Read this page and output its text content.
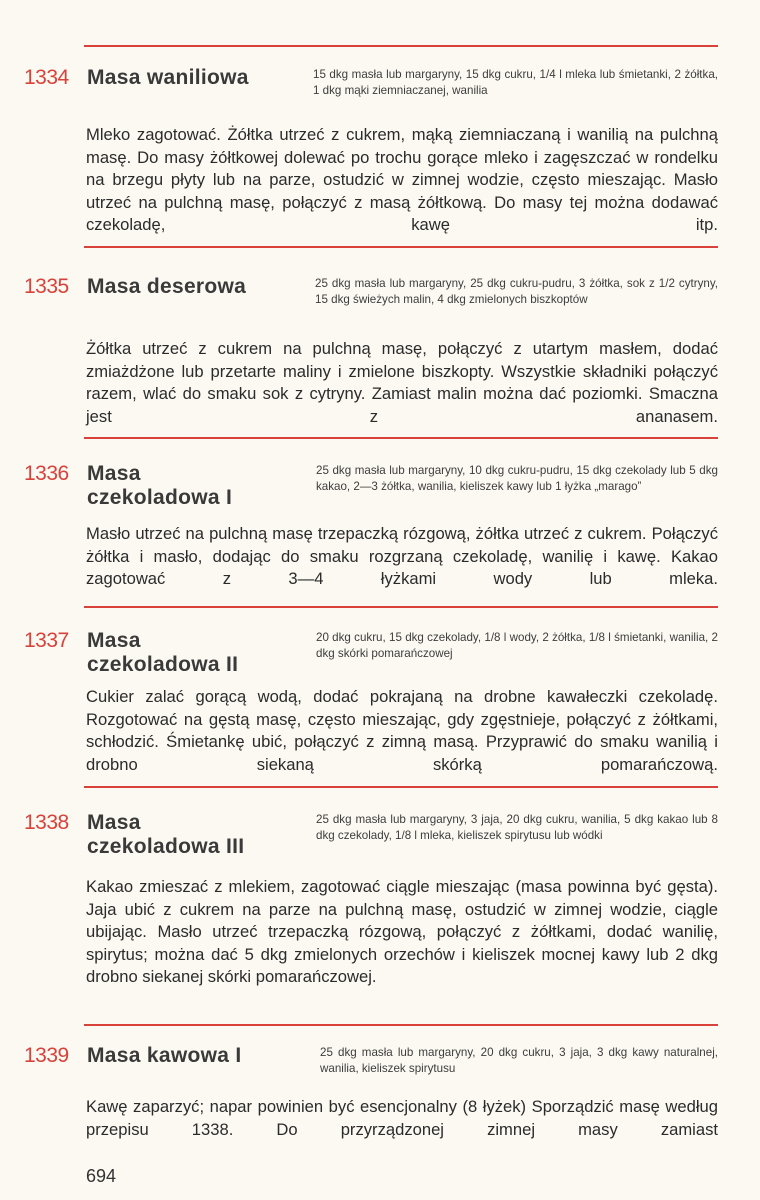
1334 Masa waniliowa	15 dkg masła lub margaryny, 15 dkg cukru, 1/4 l mleka lub śmietanki, 2 żółtka, 1 dkg mąki ziemniaczanej, wanilia
Mleko zagotować. Żółtka utrzeć z cukrem, mąką ziemniaczaną i wanilią na pulchną masę. Do masy żółtkowej dolewać po trochu gorące mleko i zagęszczać w rondelku na brzegu płyty lub na parze, ostudzić w zimnej wodzie, często mieszając. Masło utrzeć na pulchną masę, połączyć z masą żółtkową. Do masy tej można dodawać czekoladę, kawę itp.
1335 Masa deserowa	25 dkg masła lub margaryny, 25 dkg cukru-pudru, 3 żółtka, sok z 1/2 cytryny, 15 dkg świeżych malin, 4 dkg zmielonych biszkoptów
Żółtka utrzeć z cukrem na pulchną masę, połączyć z utartym masłem, dodać zmiażdżone lub przetarte maliny i zmielone biszkopty. Wszystkie składniki połączyć razem, wlać do smaku sok z cytryny. Zamiast malin można dać poziomki. Smaczna jest z ananasem.
1336 Masa
czekoladowa I
25 dkg masła lub margaryny, 10 dkg cukru-pudru, 15 dkg czekolady lub 5 dkg kakao, 2—3 żółtka, wanilia, kieliszek kawy lub 1 łyżka „marago”
Masło utrzeć na pulchną masę trzepaczką rózgową, żółtka utrzeć z cukrem. Połączyć żółtka i masło, dodając do smaku rozgrzaną czekoladę, wanilię i kawę. Kakao zagotować z 3—4 łyżkami wody lub mleka.
1337 Masa
czekoladowa II
20 dkg cukru, 15 dkg czekolady, 1/8 l wody, 2 żółtka, 1/8 l śmietanki, wanilia, 2 dkg skórki pomarańczowej
Cukier zalać gorącą wodą, dodać pokrajaną na drobne kawałeczki czekoladę. Rozgotować na gęstą masę, często mieszając, gdy zgęstnieje, połączyć z żółtkami, schłodzić. Śmietankę ubić, połączyć z zimną masą. Przyprawić do smaku wanilią i drobno siekaną skórką pomarańczową.
1338 Masa
czekoladowa III
25 dkg masła lub margaryny, 3 jaja, 20 dkg cukru, wanilia, 5 dkg kakao lub 8 dkg czekolady, 1/8 l mleka, kieliszek spirytusu lub wódki
Kakao zmieszać z mlekiem, zagotować ciągle mieszając (masa powinna być gęsta). Jaja ubić z cukrem na parze na pulchną masę, ostudzić w zimnej wodzie, ciągle ubijając. Masło utrzeć trzepaczką rózgową, połączyć z żółtkami, dodać wanilię, spirytus; można dać 5 dkg zmielonych orzechów i kieliszek mocnej kawy lub 2 dkg drobno siekanej skórki pomarańczowej.
1339 Masa kawowa I	25 dkg masła lub margaryny, 20 dkg cukru, 3 jaja, 3 dkg kawy naturalnej, wanilia, kieliszek spirytusu
Kawę zaparzyć; napar powinien być esencjonalny (8 łyżek) Sporządzić masę według przepisu 1338. Do przyrządzonej zimnej masy zamiast
694
